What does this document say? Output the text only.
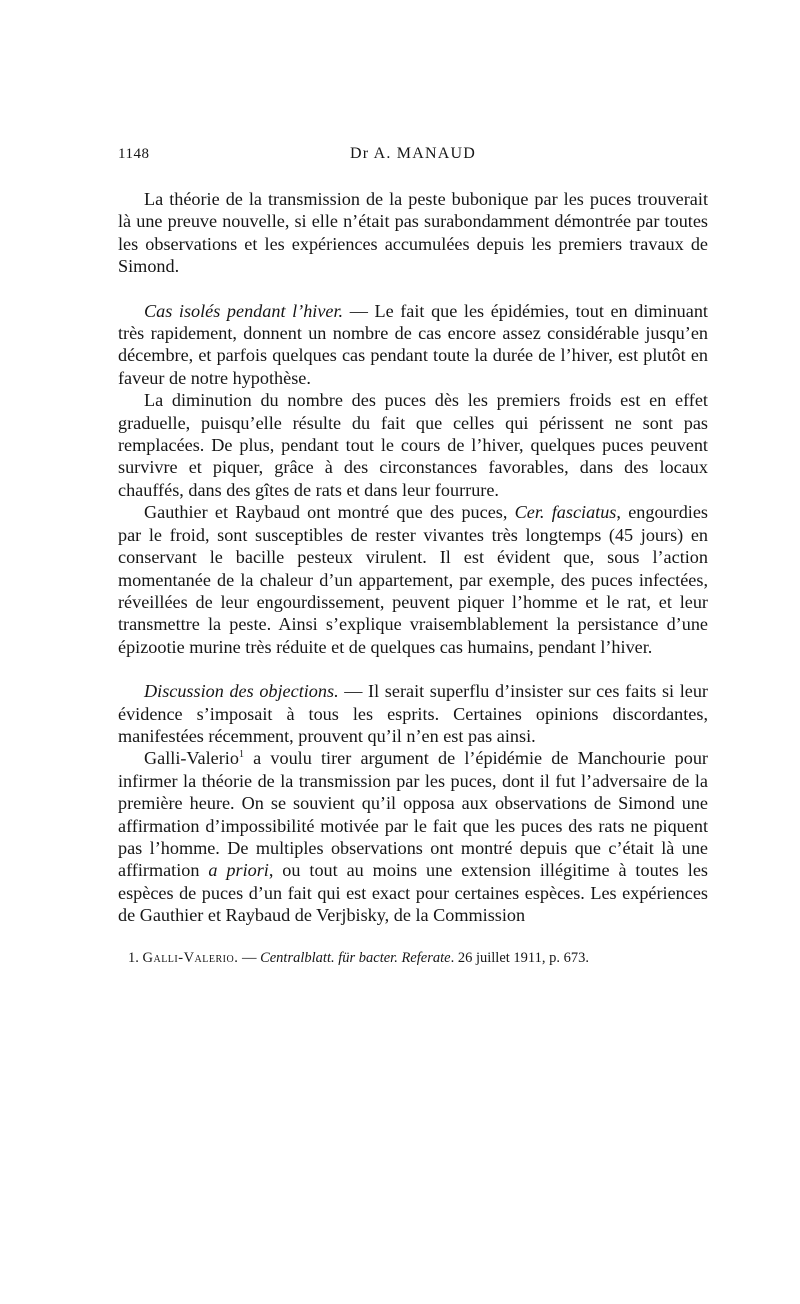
1148	Dr A. MANAUD

La théorie de la transmission de la peste bubonique par les puces trouverait là une preuve nouvelle, si elle n’était pas surabondamment démontrée par toutes les observations et les expériences accumulées depuis les premiers travaux de Simond.

Cas isolés pendant l’hiver. — Le fait que les épidémies, tout en diminuant très rapidement, donnent un nombre de cas encore assez considérable jusqu’en décembre, et parfois quelques cas pendant toute la durée de l’hiver, est plutôt en faveur de notre hypothèse.

La diminution du nombre des puces dès les premiers froids est en effet graduelle, puisqu’elle résulte du fait que celles qui périssent ne sont pas remplacées. De plus, pendant tout le cours de l’hiver, quelques puces peuvent survivre et piquer, grâce à des circonstances favorables, dans des locaux chauffés, dans des gîtes de rats et dans leur fourrure.

Gauthier et Raybaud ont montré que des puces, Cer. fasciatus, engourdies par le froid, sont susceptibles de rester vivantes très longtemps (45 jours) en conservant le bacille pesteux virulent. Il est évident que, sous l’action momentanée de la chaleur d’un appartement, par exemple, des puces infectées, réveillées de leur engourdissement, peuvent piquer l’homme et le rat, et leur transmettre la peste. Ainsi s’explique vraisemblablement la persistance d’une épizootie murine très réduite et de quelques cas humains, pendant l’hiver.

Discussion des objections. — Il serait superflu d’insister sur ces faits si leur évidence s’imposait à tous les esprits. Certaines opinions discordantes, manifestées récemment, prouvent qu’il n’en est pas ainsi.

Galli-Valerio$^1$ a voulu tirer argument de l’épidémie de Manchourie pour infirmer la théorie de la transmission par les puces, dont il fut l’adversaire de la première heure. On se souvient qu’il opposa aux observations de Simond une affirmation d’impossibilité motivée par le fait que les puces des rats ne piquent pas l’homme. De multiples observations ont montré depuis que c’était là une affirmation a priori, ou tout au moins une extension illégitime à toutes les espèces de puces d’un fait qui est exact pour certaines espèces. Les expériences de Gauthier et Raybaud de Verjbisky, de la Commission

1. Galli-Valerio. — Centralblatt. für bacter. Referate. 26 juillet 1911, p. 673.
